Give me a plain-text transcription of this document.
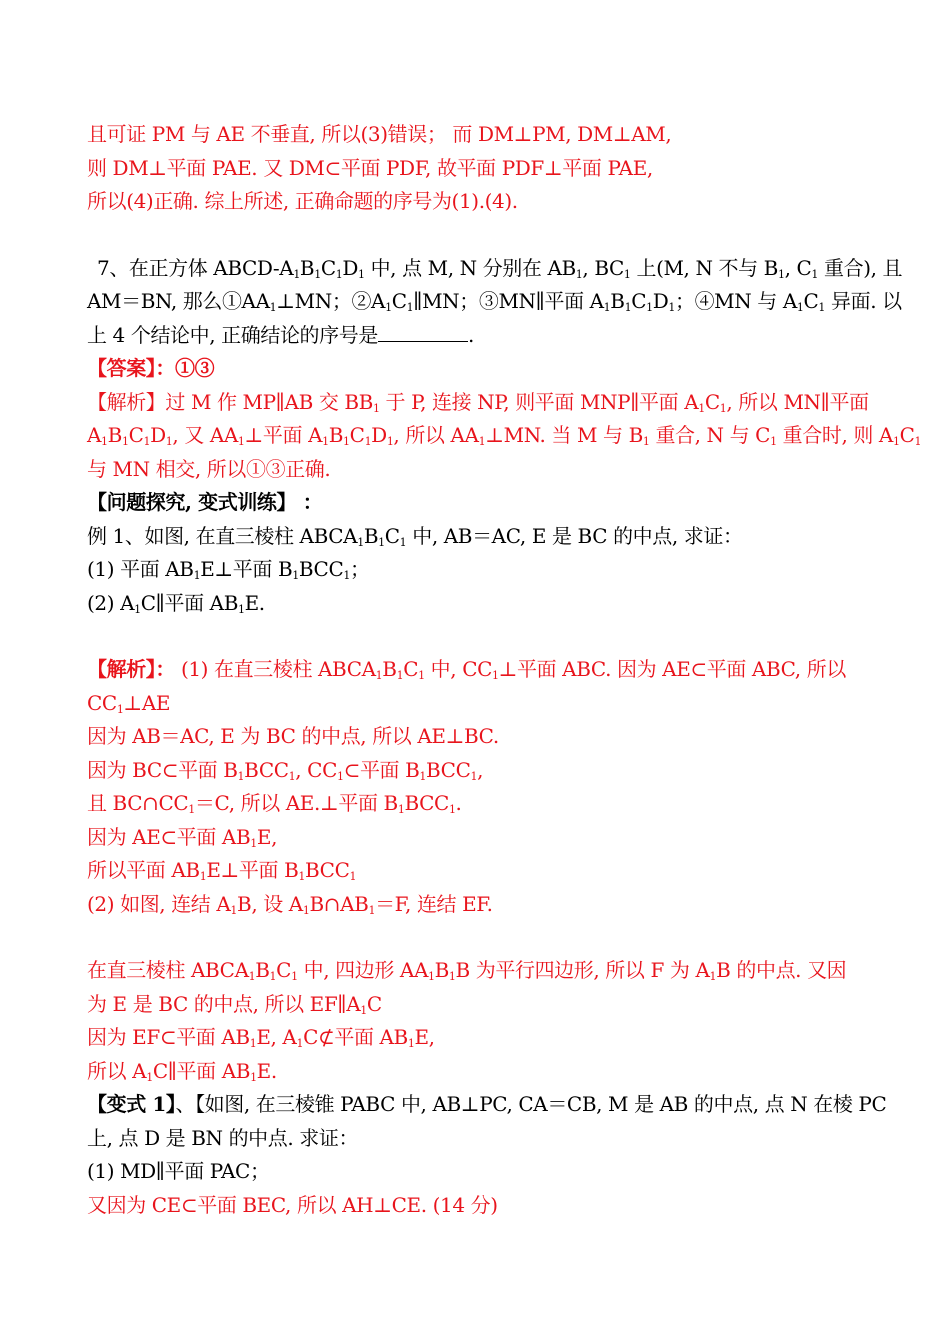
且可证 PM 与 AE 不垂直, 所以(3)错误； 而 DM⊥PM, DM⊥AM,
则 DM⊥平面 PAE. 又 DM⊂平面 PDF, 故平面 PDF⊥平面 PAE,
所以(4)正确. 综上所述, 正确命题的序号为(1).(4).
7、在正方体 ABCD-$A_1B_1C_1D_1$ 中, 点 M, N 分别在 $AB_1$, $BC_1$ 上(M, N 不与 $B_1$, $C_1$ 重合), 且
AM＝BN, 那么$①AA_1\perp MN$；$②A_1C_1\parallel MN$；③MN∥平面 $A_1B_1C_1D_1$；④MN 与 $A_1C_1$ 异面. 以
上 4 个结论中, 正确结论的序号是	.
【答案】：①③
【解析】过 M 作 MP∥AB 交 $BB_1$ 于 P, 连接 NP, 则平面 MNP∥平面 $A_1C_1$, 所以 MN∥平面
$A_1B_1C_1D_1$, 又 $AA_1\perp$平面 $A_1B_1C_1D_1$, 所以 $AA_1\perp MN$. 当 M 与 $B_1$ 重合, N 与 $C_1$ 重合时, 则 $A_1C_1$
与 MN 相交, 所以①③正确.
【问题探究, 变式训练】 ：
例 1、如图, 在直三棱柱 $ABCA_1B_1C_1$ 中, AB＝AC, E 是 BC 的中点, 求证：
(1) 平面 $AB_1E\perp$平面 $B_1BCC_1$；
(2) $A_1C\parallel$平面 $AB_1E$.
【解析】： (1) 在直三棱柱 $ABCA_1B_1C_1$ 中, $CC_1\perp$平面 ABC. 因为 AE⊂平面 ABC, 所以
$CC_1\perp AE$
因为 AB＝AC, E 为 BC 的中点, 所以 AE⊥BC.
因为 BC⊂平面 $B_1BCC_1$, $CC_1\subset$平面 $B_1BCC_1$,
且 $BC\cap CC_1=C$, 所以 AE.⊥平面 $B_1BCC_1$.
因为 AE⊂平面 $AB_1E$,
所以平面 $AB_1E\perp$平面 $B_1BCC_1$
(2) 如图, 连结 $A_1B$, 设 $A_1B\cap AB_1=F$, 连结 EF.
在直三棱柱 $ABCA_1B_1C_1$ 中, 四边形 $AA_1B_1B$ 为平行四边形, 所以 F 为 $A_1B$ 的中点. 又因
为 E 是 BC 的中点, 所以 $EF\parallel A_1C$
因为 EF⊂平面 $AB_1E$, $A_1C⊄$平面 $AB_1E$,
所以 $A_1C\parallel$平面 $AB_1E$.
【变式 1】、【如图, 在三棱锥 PABC 中, AB⊥PC, CA＝CB, M 是 AB 的中点, 点 N 在棱 PC
上, 点 D 是 BN 的中点. 求证：
(1) MD∥平面 PAC；
又因为 CE⊂平面 BEC, 所以 AH⊥CE. (14 分)
